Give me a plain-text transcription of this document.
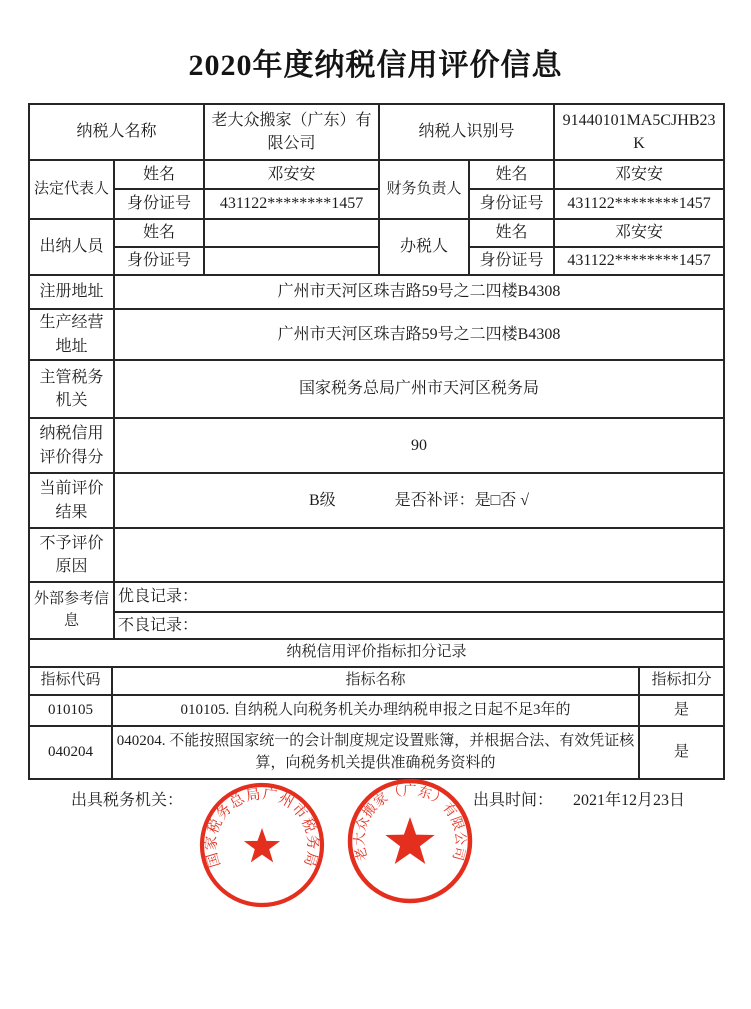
2020年度纳税信用评价信息
纳税人名称		老大众搬家（广东）有限公司	纳税人识别号		91440101MA5CJHB23K
法定代表人	姓名	邓安安	财务负责人	姓名	邓安安
	身份证号	431122********1457		身份证号	431122********1457
出纳人员	姓名		办税人	姓名	邓安安
	身份证号			身份证号	431122********1457
注册地址	广州市天河区珠吉路59号之二四楼B4308				
生产经营地址	广州市天河区珠吉路59号之二四楼B4308				
主管税务机关	国家税务总局广州市天河区税务局				
纳税信用评价得分	90				
当前评价结果	B级 是否补评：是□否 √				
不予评价原因					
外部参考信息	优良记录：				
	不良记录：				
纳税信用评价指标扣分记录		
指标代码	指标名称	指标扣分
010105	010105. 自纳税人向税务机关办理纳税申报之日起不足3年的	是
040204	040204. 不能按照国家统一的会计制度规定设置账簿，并根据合法、有效凭证核算，向税务机关提供准确税务资料的	是
出具税务机关：	出具时间： 2021年12月23日
国家税务总局广州市税务局 老大众搬家（广东）有限公司
